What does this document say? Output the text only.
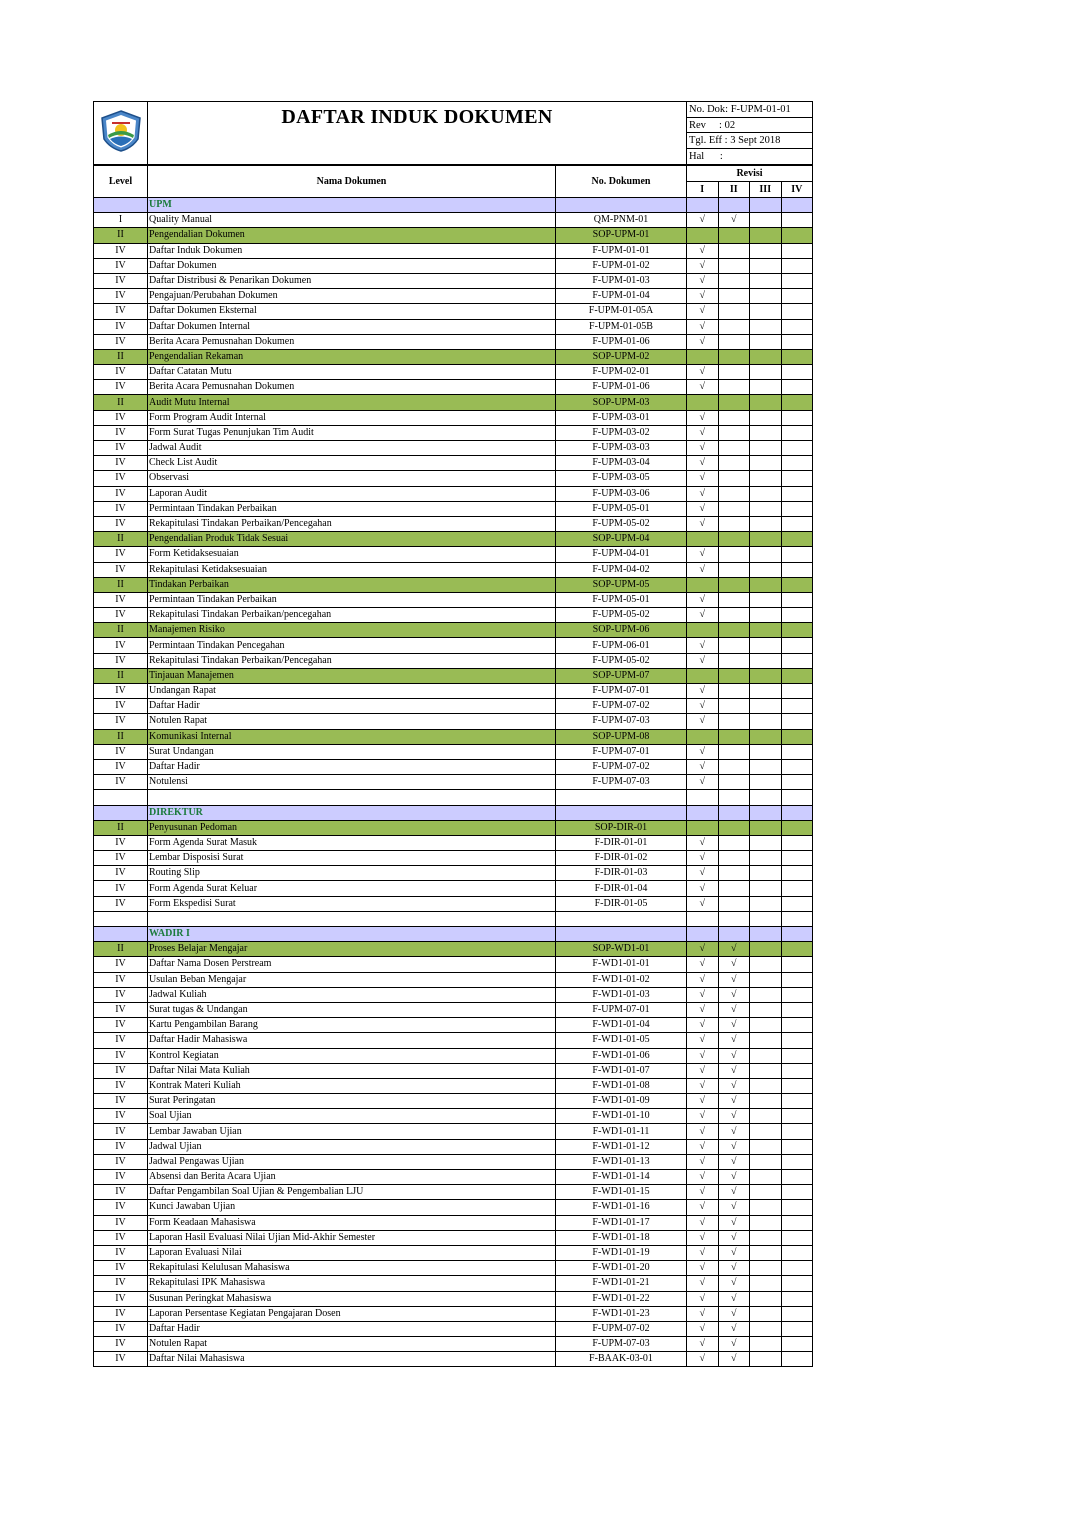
DAFTAR INDUK DOKUMEN	No. Dok: F-UPM-01-01
Rev     : 02
Tgl. Eff : 3 Sept 2018
Hal      :
Level	Nama Dokumen	No. Dokumen	Revisi			
			I	II	III	IV
	UPM					
I	Quality Manual	QM-PNM-01	√	√		
II	Pengendalian Dokumen	SOP-UPM-01				
IV	Daftar Induk Dokumen	F-UPM-01-01	√			
IV	Daftar Dokumen	F-UPM-01-02	√			
IV	Daftar Distribusi & Penarikan Dokumen	F-UPM-01-03	√			
IV	Pengajuan/Perubahan Dokumen	F-UPM-01-04	√			
IV	Daftar Dokumen Eksternal	F-UPM-01-05A	√			
IV	Daftar Dokumen Internal	F-UPM-01-05B	√			
IV	Berita Acara Pemusnahan Dokumen	F-UPM-01-06	√			
II	Pengendalian Rekaman	SOP-UPM-02				
IV	Daftar Catatan Mutu	F-UPM-02-01	√			
IV	Berita Acara Pemusnahan Dokumen	F-UPM-01-06	√			
II	Audit Mutu Internal	SOP-UPM-03				
IV	Form Program Audit Internal	F-UPM-03-01	√			
IV	Form Surat Tugas Penunjukan Tim Audit	F-UPM-03-02	√			
IV	Jadwal Audit	F-UPM-03-03	√			
IV	Check List Audit	F-UPM-03-04	√			
IV	Observasi	F-UPM-03-05	√			
IV	Laporan Audit	F-UPM-03-06	√			
IV	Permintaan Tindakan Perbaikan	F-UPM-05-01	√			
IV	Rekapitulasi Tindakan Perbaikan/Pencegahan	F-UPM-05-02	√			
II	Pengendalian Produk Tidak Sesuai	SOP-UPM-04				
IV	Form Ketidaksesuaian	F-UPM-04-01	√			
IV	Rekapitulasi Ketidaksesuaian	F-UPM-04-02	√			
II	Tindakan Perbaikan	SOP-UPM-05				
IV	Permintaan Tindakan Perbaikan	F-UPM-05-01	√			
IV	Rekapitulasi Tindakan Perbaikan/pencegahan	F-UPM-05-02	√			
II	Manajemen Risiko	SOP-UPM-06				
IV	Permintaan Tindakan Pencegahan	F-UPM-06-01	√			
IV	Rekapitulasi Tindakan Perbaikan/Pencegahan	F-UPM-05-02	√			
II	Tinjauan Manajemen	SOP-UPM-07				
IV	Undangan Rapat	F-UPM-07-01	√			
IV	Daftar Hadir	F-UPM-07-02	√			
IV	Notulen Rapat	F-UPM-07-03	√			
II	Komunikasi Internal	SOP-UPM-08				
IV	Surat Undangan	F-UPM-07-01	√			
IV	Daftar Hadir	F-UPM-07-02	√			
IV	Notulensi	F-UPM-07-03	√			

	DIREKTUR					
II	Penyusunan Pedoman	SOP-DIR-01				
IV	Form Agenda Surat Masuk	F-DIR-01-01	√			
IV	Lembar Disposisi Surat	F-DIR-01-02	√			
IV	Routing Slip	F-DIR-01-03	√			
IV	Form Agenda Surat Keluar	F-DIR-01-04	√			
IV	Form Ekspedisi Surat	F-DIR-01-05	√			

	WADIR I					
II	Proses Belajar Mengajar	SOP-WD1-01	√	√		
IV	Daftar Nama Dosen Perstream	F-WD1-01-01	√	√		
IV	Usulan Beban Mengajar	F-WD1-01-02	√	√		
IV	Jadwal Kuliah	F-WD1-01-03	√	√		
IV	Surat tugas & Undangan	F-UPM-07-01	√	√		
IV	Kartu Pengambilan Barang	F-WD1-01-04	√	√		
IV	Daftar Hadir Mahasiswa	F-WD1-01-05	√	√		
IV	Kontrol Kegiatan	F-WD1-01-06	√	√		
IV	Daftar Nilai Mata Kuliah	F-WD1-01-07	√	√		
IV	Kontrak Materi Kuliah	F-WD1-01-08	√	√		
IV	Surat Peringatan	F-WD1-01-09	√	√		
IV	Soal Ujian	F-WD1-01-10	√	√		
IV	Lembar Jawaban Ujian	F-WD1-01-11	√	√		
IV	Jadwal Ujian	F-WD1-01-12	√	√		
IV	Jadwal Pengawas Ujian	F-WD1-01-13	√	√		
IV	Absensi dan Berita Acara Ujian	F-WD1-01-14	√	√		
IV	Daftar Pengambilan Soal Ujian & Pengembalian LJU	F-WD1-01-15	√	√		
IV	Kunci Jawaban Ujian	F-WD1-01-16	√	√		
IV	Form Keadaan Mahasiswa	F-WD1-01-17	√	√		
IV	Laporan Hasil Evaluasi Nilai Ujian Mid-Akhir Semester	F-WD1-01-18	√	√		
IV	Laporan Evaluasi Nilai	F-WD1-01-19	√	√		
IV	Rekapitulasi Kelulusan Mahasiswa	F-WD1-01-20	√	√		
IV	Rekapitulasi IPK Mahasiswa	F-WD1-01-21	√	√		
IV	Susunan Peringkat Mahasiswa	F-WD1-01-22	√	√		
IV	Laporan Persentase Kegiatan Pengajaran Dosen	F-WD1-01-23	√	√		
IV	Daftar Hadir	F-UPM-07-02	√	√		
IV	Notulen Rapat	F-UPM-07-03	√	√		
IV	Daftar Nilai Mahasiswa	F-BAAK-03-01	√	√		
